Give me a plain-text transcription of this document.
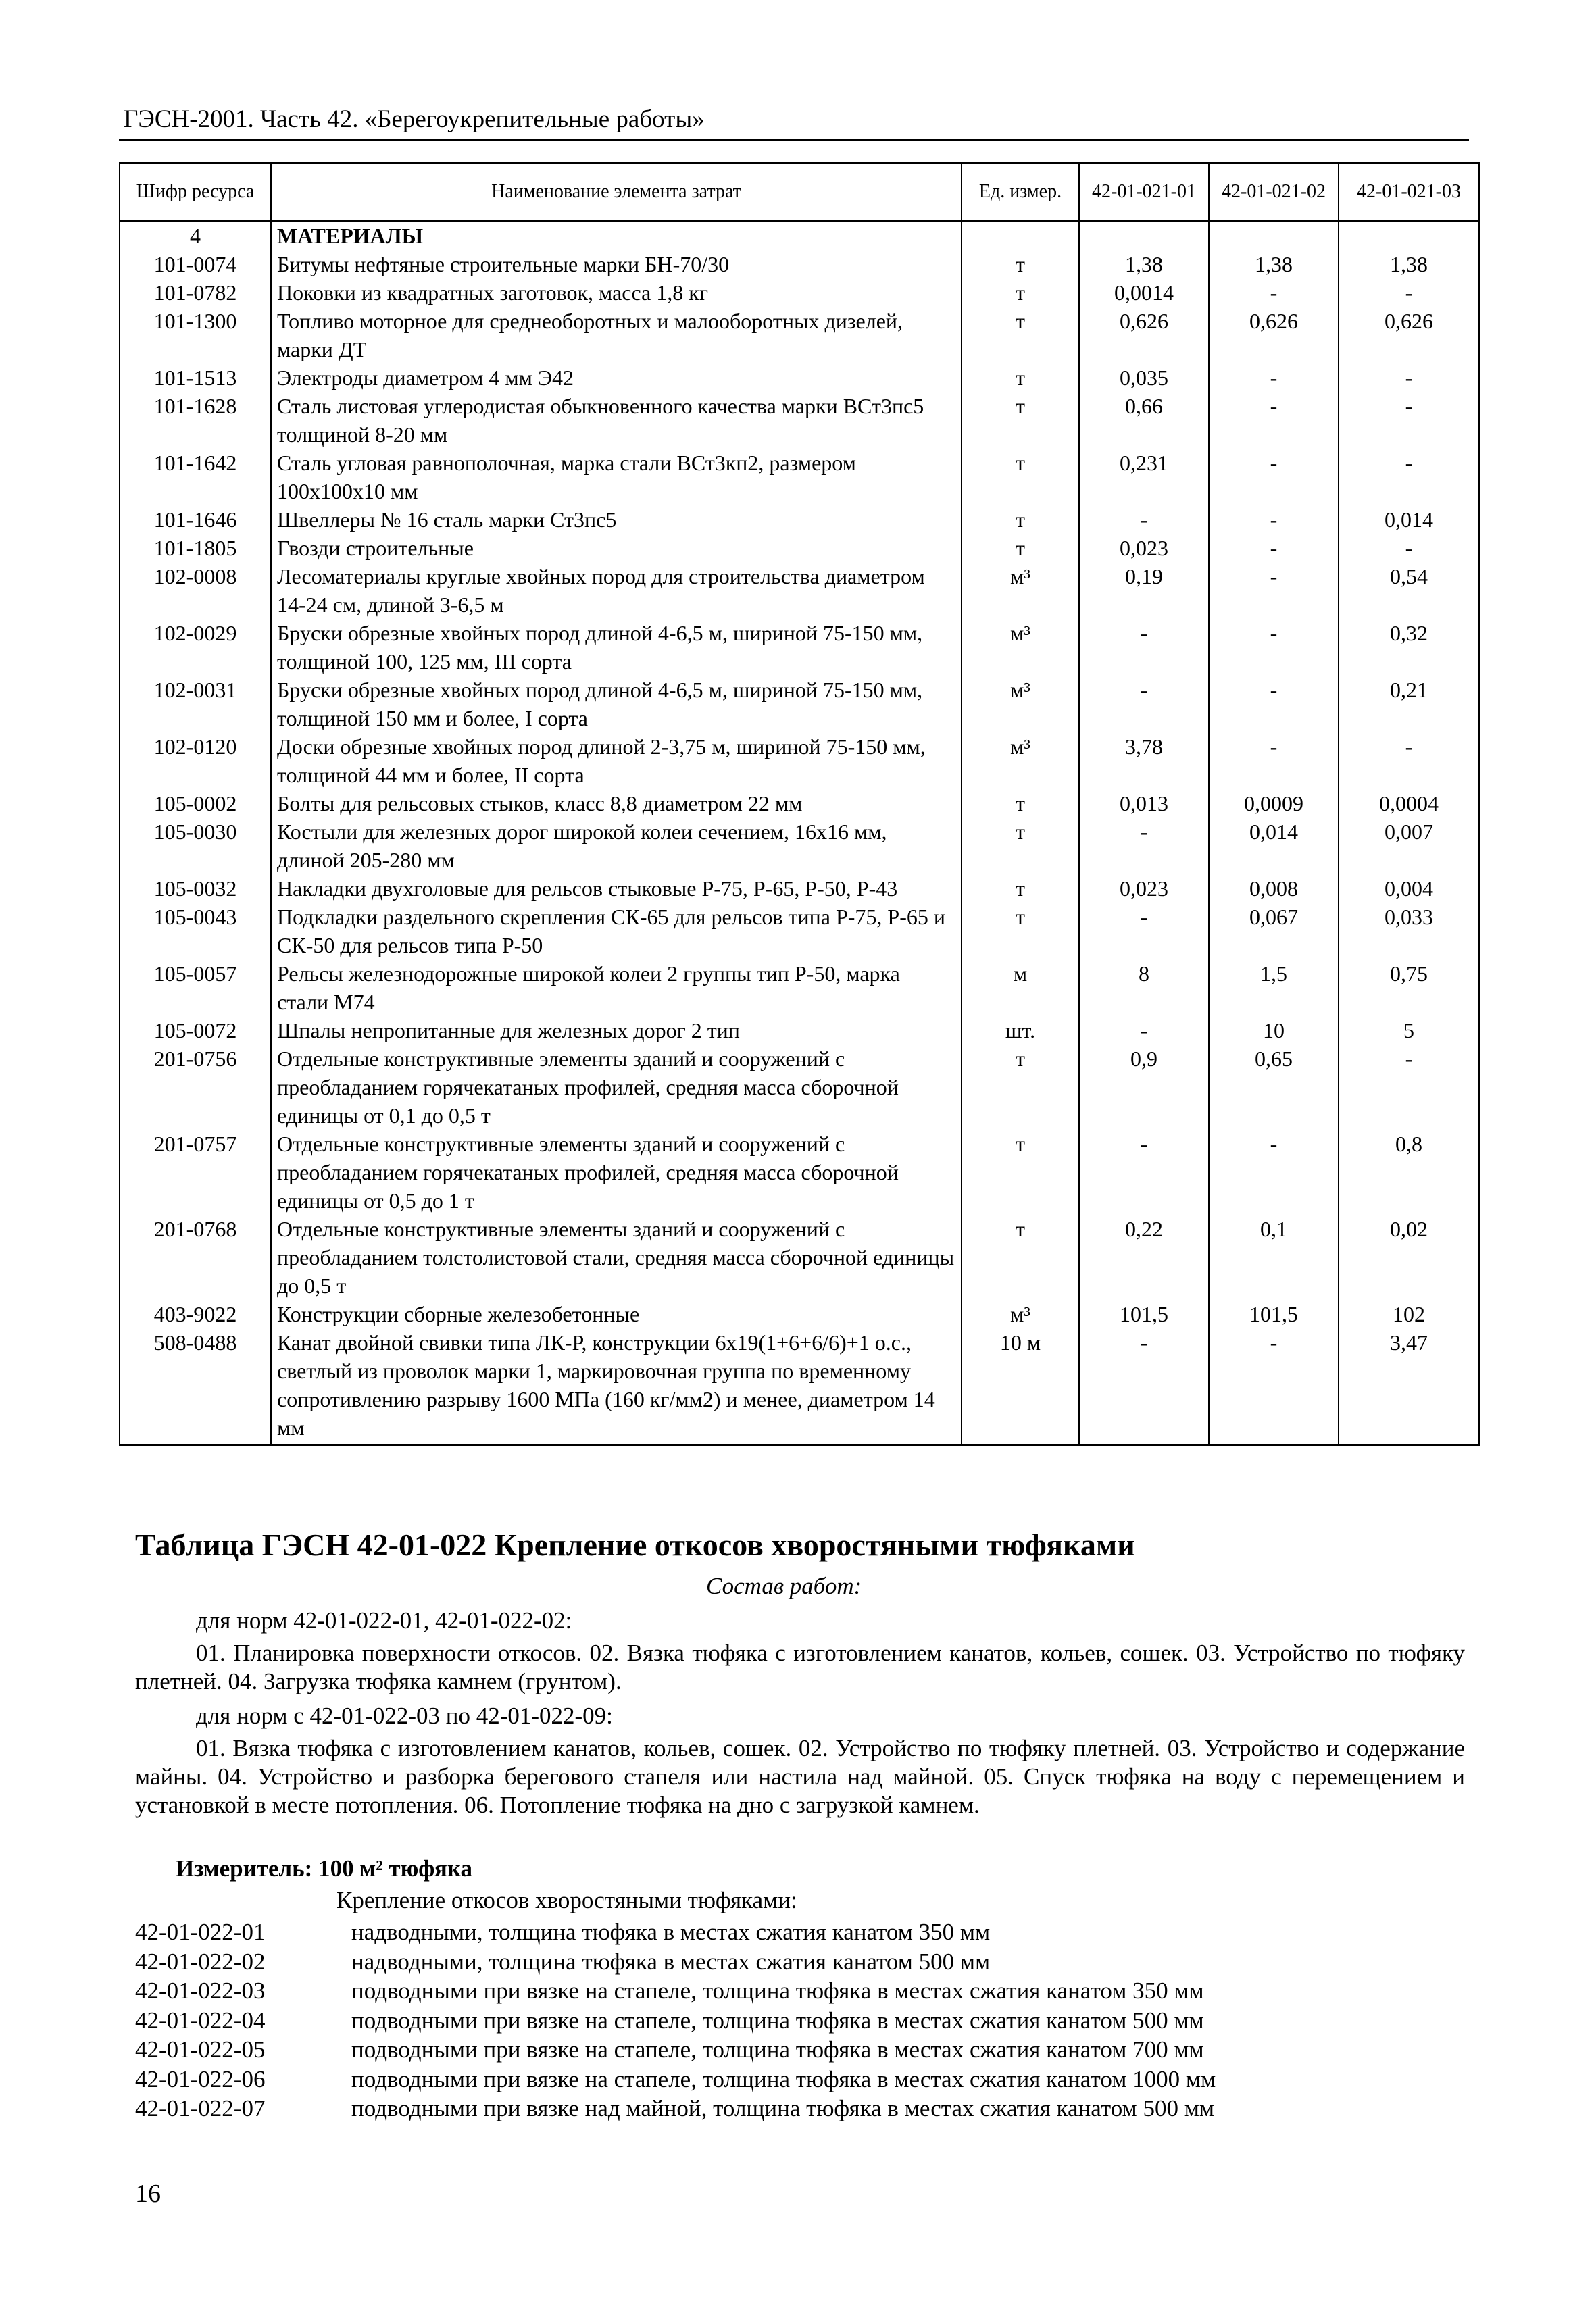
ГЭСН-2001. Часть 42. «Берегоукрепительные работы»
Шифр ресурса	Наименование элемента затрат	Ед. измер.	42-01-021-01	42-01-021-02	42-01-021-03
4	МАТЕРИАЛЫ				
101-0074	Битумы нефтяные строительные марки БН-70/30	т	1,38	1,38	1,38
101-0782	Поковки из квадратных заготовок, масса 1,8 кг	т	0,0014	-	-
101-1300	Топливо моторное для среднеоборотных и малооборотных дизелей, марки ДТ	т	0,626	0,626	0,626
101-1513	Электроды диаметром 4 мм Э42	т	0,035	-	-
101-1628	Сталь листовая углеродистая обыкновенного качества марки ВСт3пс5 толщиной 8-20 мм	т	0,66	-	-
101-1642	Сталь угловая равнополочная, марка стали ВСт3кп2, размером 100x100x10 мм	т	0,231	-	-
101-1646	Швеллеры № 16 сталь марки Ст3пс5	т	-	-	0,014
101-1805	Гвозди строительные	т	0,023	-	-
102-0008	Лесоматериалы круглые хвойных пород для строительства диаметром 14-24 см, длиной 3-6,5 м	м³	0,19	-	0,54
102-0029	Бруски обрезные хвойных пород длиной 4-6,5 м, шириной 75-150 мм, толщиной 100, 125 мм, III сорта	м³	-	-	0,32
102-0031	Бруски обрезные хвойных пород длиной 4-6,5 м, шириной 75-150 мм, толщиной 150 мм и более, I сорта	м³	-	-	0,21
102-0120	Доски обрезные хвойных пород длиной 2-3,75 м, шириной 75-150 мм, толщиной 44 мм и более, II сорта	м³	3,78	-	-
105-0002	Болты для рельсовых стыков, класс 8,8 диаметром 22 мм	т	0,013	0,0009	0,0004
105-0030	Костыли для железных дорог широкой колеи сечением, 16x16 мм, длиной 205-280 мм	т	-	0,014	0,007
105-0032	Накладки двухголовые для рельсов стыковые Р-75, Р-65, Р-50, Р-43	т	0,023	0,008	0,004
105-0043	Подкладки раздельного скрепления СК-65 для рельсов типа Р-75, Р-65 и СК-50 для рельсов типа Р-50	т	-	0,067	0,033
105-0057	Рельсы железнодорожные широкой колеи 2 группы тип Р-50, марка стали М74	м	8	1,5	0,75
105-0072	Шпалы непропитанные для железных дорог 2 тип	шт.	-	10	5
201-0756	Отдельные конструктивные элементы зданий и сооружений с преобладанием горячекатаных профилей, средняя масса сборочной единицы от 0,1 до 0,5 т	т	0,9	0,65	-
201-0757	Отдельные конструктивные элементы зданий и сооружений с преобладанием горячекатаных профилей, средняя масса сборочной единицы от 0,5 до 1 т	т	-	-	0,8
201-0768	Отдельные конструктивные элементы зданий и сооружений с преобладанием толстолистовой стали, средняя масса сборочной единицы до 0,5 т	т	0,22	0,1	0,02
403-9022	Конструкции сборные железобетонные	м³	101,5	101,5	102
508-0488	Канат двойной свивки типа ЛК-Р, конструкции 6x19(1+6+6/6)+1 о.с., светлый из проволок марки 1, маркировочная группа по временному сопротивлению разрыву 1600 МПа (160 кг/мм2) и менее, диаметром 14 мм	10 м	-	-	3,47
Таблица ГЭСН 42-01-022 Крепление откосов хворостяными тюфяками
Состав работ:
для норм 42-01-022-01, 42-01-022-02:
01. Планировка поверхности откосов. 02. Вязка тюфяка с изготовлением канатов, кольев, сошек. 03. Устройство по тюфяку плетней. 04. Загрузка тюфяка камнем (грунтом).
для норм с 42-01-022-03 по 42-01-022-09:
01. Вязка тюфяка с изготовлением канатов, кольев, сошек. 02. Устройство по тюфяку плетней. 03. Устройство и содержание майны. 04. Устройство и разборка берегового стапеля или настила над майной. 05. Спуск тюфяка на воду с перемещением и установкой в месте потопления. 06. Потопление тюфяка на дно с загрузкой камнем.
Измеритель: 100 м² тюфяка
Крепление откосов хворостяными тюфяками:
42-01-022-01	надводными, толщина тюфяка в местах сжатия канатом 350 мм
42-01-022-02	надводными, толщина тюфяка в местах сжатия канатом 500 мм
42-01-022-03	подводными при вязке на стапеле, толщина тюфяка в местах сжатия канатом 350 мм
42-01-022-04	подводными при вязке на стапеле, толщина тюфяка в местах сжатия канатом 500 мм
42-01-022-05	подводными при вязке на стапеле, толщина тюфяка в местах сжатия канатом 700 мм
42-01-022-06	подводными при вязке на стапеле, толщина тюфяка в местах сжатия канатом 1000 мм
42-01-022-07	подводными при вязке над майной, толщина тюфяка в местах сжатия канатом 500 мм
16
